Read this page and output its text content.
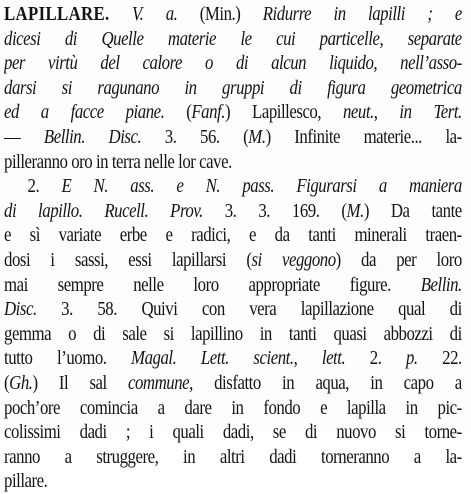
LAPILLARE. V. a. (Min.) Ridurre in lapilli ; e
dicesi di Quelle materie le cui particelle, separate
per virtù del calore o di alcun liquido, nell’asso-
darsi si ragunano in gruppi di figura geometrica
ed a facce piane. (Fanf.) Lapillesco, neut., in Tert.
— Bellin. Disc. 3. 56. (M.) Infinite materie... la-
pilleranno oro in terra nelle lor cave.
2. E N. ass. e N. pass. Figurarsi a maniera
di lapillo. Rucell. Prov. 3. 3. 169. (M.) Da tante
e sì variate erbe e radici, e da tanti minerali traen-
dosi i sassi, essi lapillarsi (si veggono) da per loro
mai sempre nelle loro appropriate figure. Bellin.
Disc. 3. 58. Quivi con vera lapillazione qual di
gemma o di sale si lapillino in tanti quasi abbozzi di
tutto l’uomo. Magal. Lett. scient., lett. 2. p. 22.
(Gh.) Il sal commune, disfatto in aqua, in capo a
poch’ore comincia a dare in fondo e lapilla in pic-
colissimi dadi ; i quali dadi, se di nuovo si torne-
ranno a struggere, in altri dadi torneranno a la-
pillare.
